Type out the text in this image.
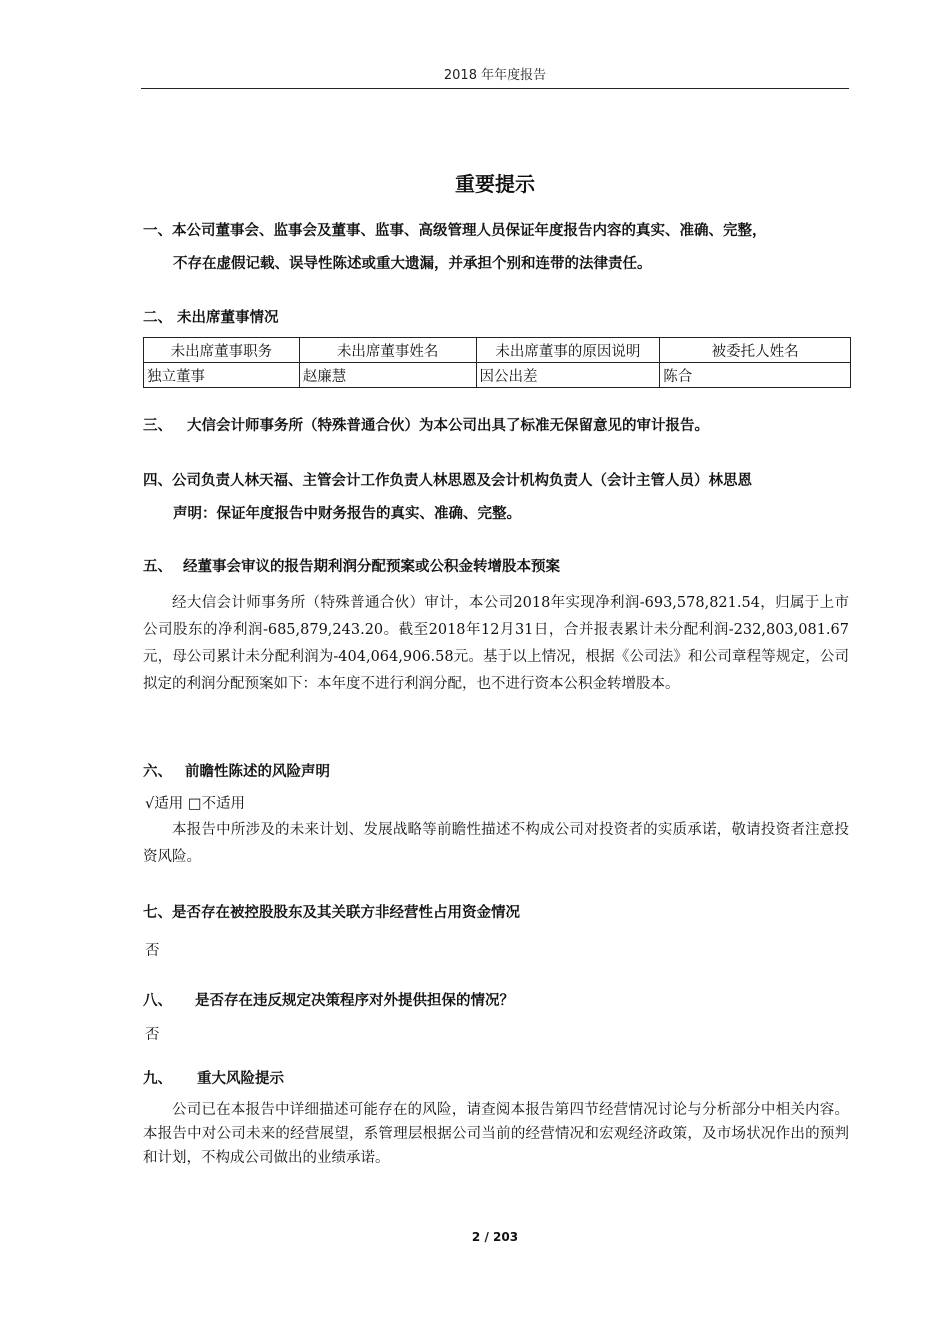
2018 年年度报告
重要提示
一、本公司董事会、监事会及董事、监事、高级管理人员保证年度报告内容的真实、准确、完整，
不存在虚假记载、误导性陈述或重大遗漏，并承担个别和连带的法律责任。
二、 未出席董事情况
未出席董事职务	未出席董事姓名	未出席董事的原因说明	被委托人姓名
独立董事	赵廉慧	因公出差	陈合
三、 大信会计师事务所（特殊普通合伙）为本公司出具了标准无保留意见的审计报告。
四、公司负责人林天福、主管会计工作负责人林思恩及会计机构负责人（会计主管人员）林思恩
声明：保证年度报告中财务报告的真实、准确、完整。
五、 经董事会审议的报告期利润分配预案或公积金转增股本预案
经大信会计师事务所（特殊普通合伙）审计，本公司2018年实现净利润-693,578,821.54，归属于上市公司股东的净利润-685,879,243.20。截至2018年12月31日，合并报表累计未分配利润-232,803,081.67元，母公司累计未分配利润为-404,064,906.58元。基于以上情况，根据《公司法》和公司章程等规定，公司拟定的利润分配预案如下：本年度不进行利润分配，也不进行资本公积金转增股本。
六、 前瞻性陈述的风险声明
√适用 □不适用
本报告中所涉及的未来计划、发展战略等前瞻性描述不构成公司对投资者的实质承诺，敬请投资者注意投资风险。
七、是否存在被控股股东及其关联方非经营性占用资金情况
否
八、 是否存在违反规定决策程序对外提供担保的情况？
否
九、 重大风险提示
公司已在本报告中详细描述可能存在的风险，请查阅本报告第四节经营情况讨论与分析部分中相关内容。本报告中对公司未来的经营展望，系管理层根据公司当前的经营情况和宏观经济政策，及市场状况作出的预判和计划，不构成公司做出的业绩承诺。
2 / 203
